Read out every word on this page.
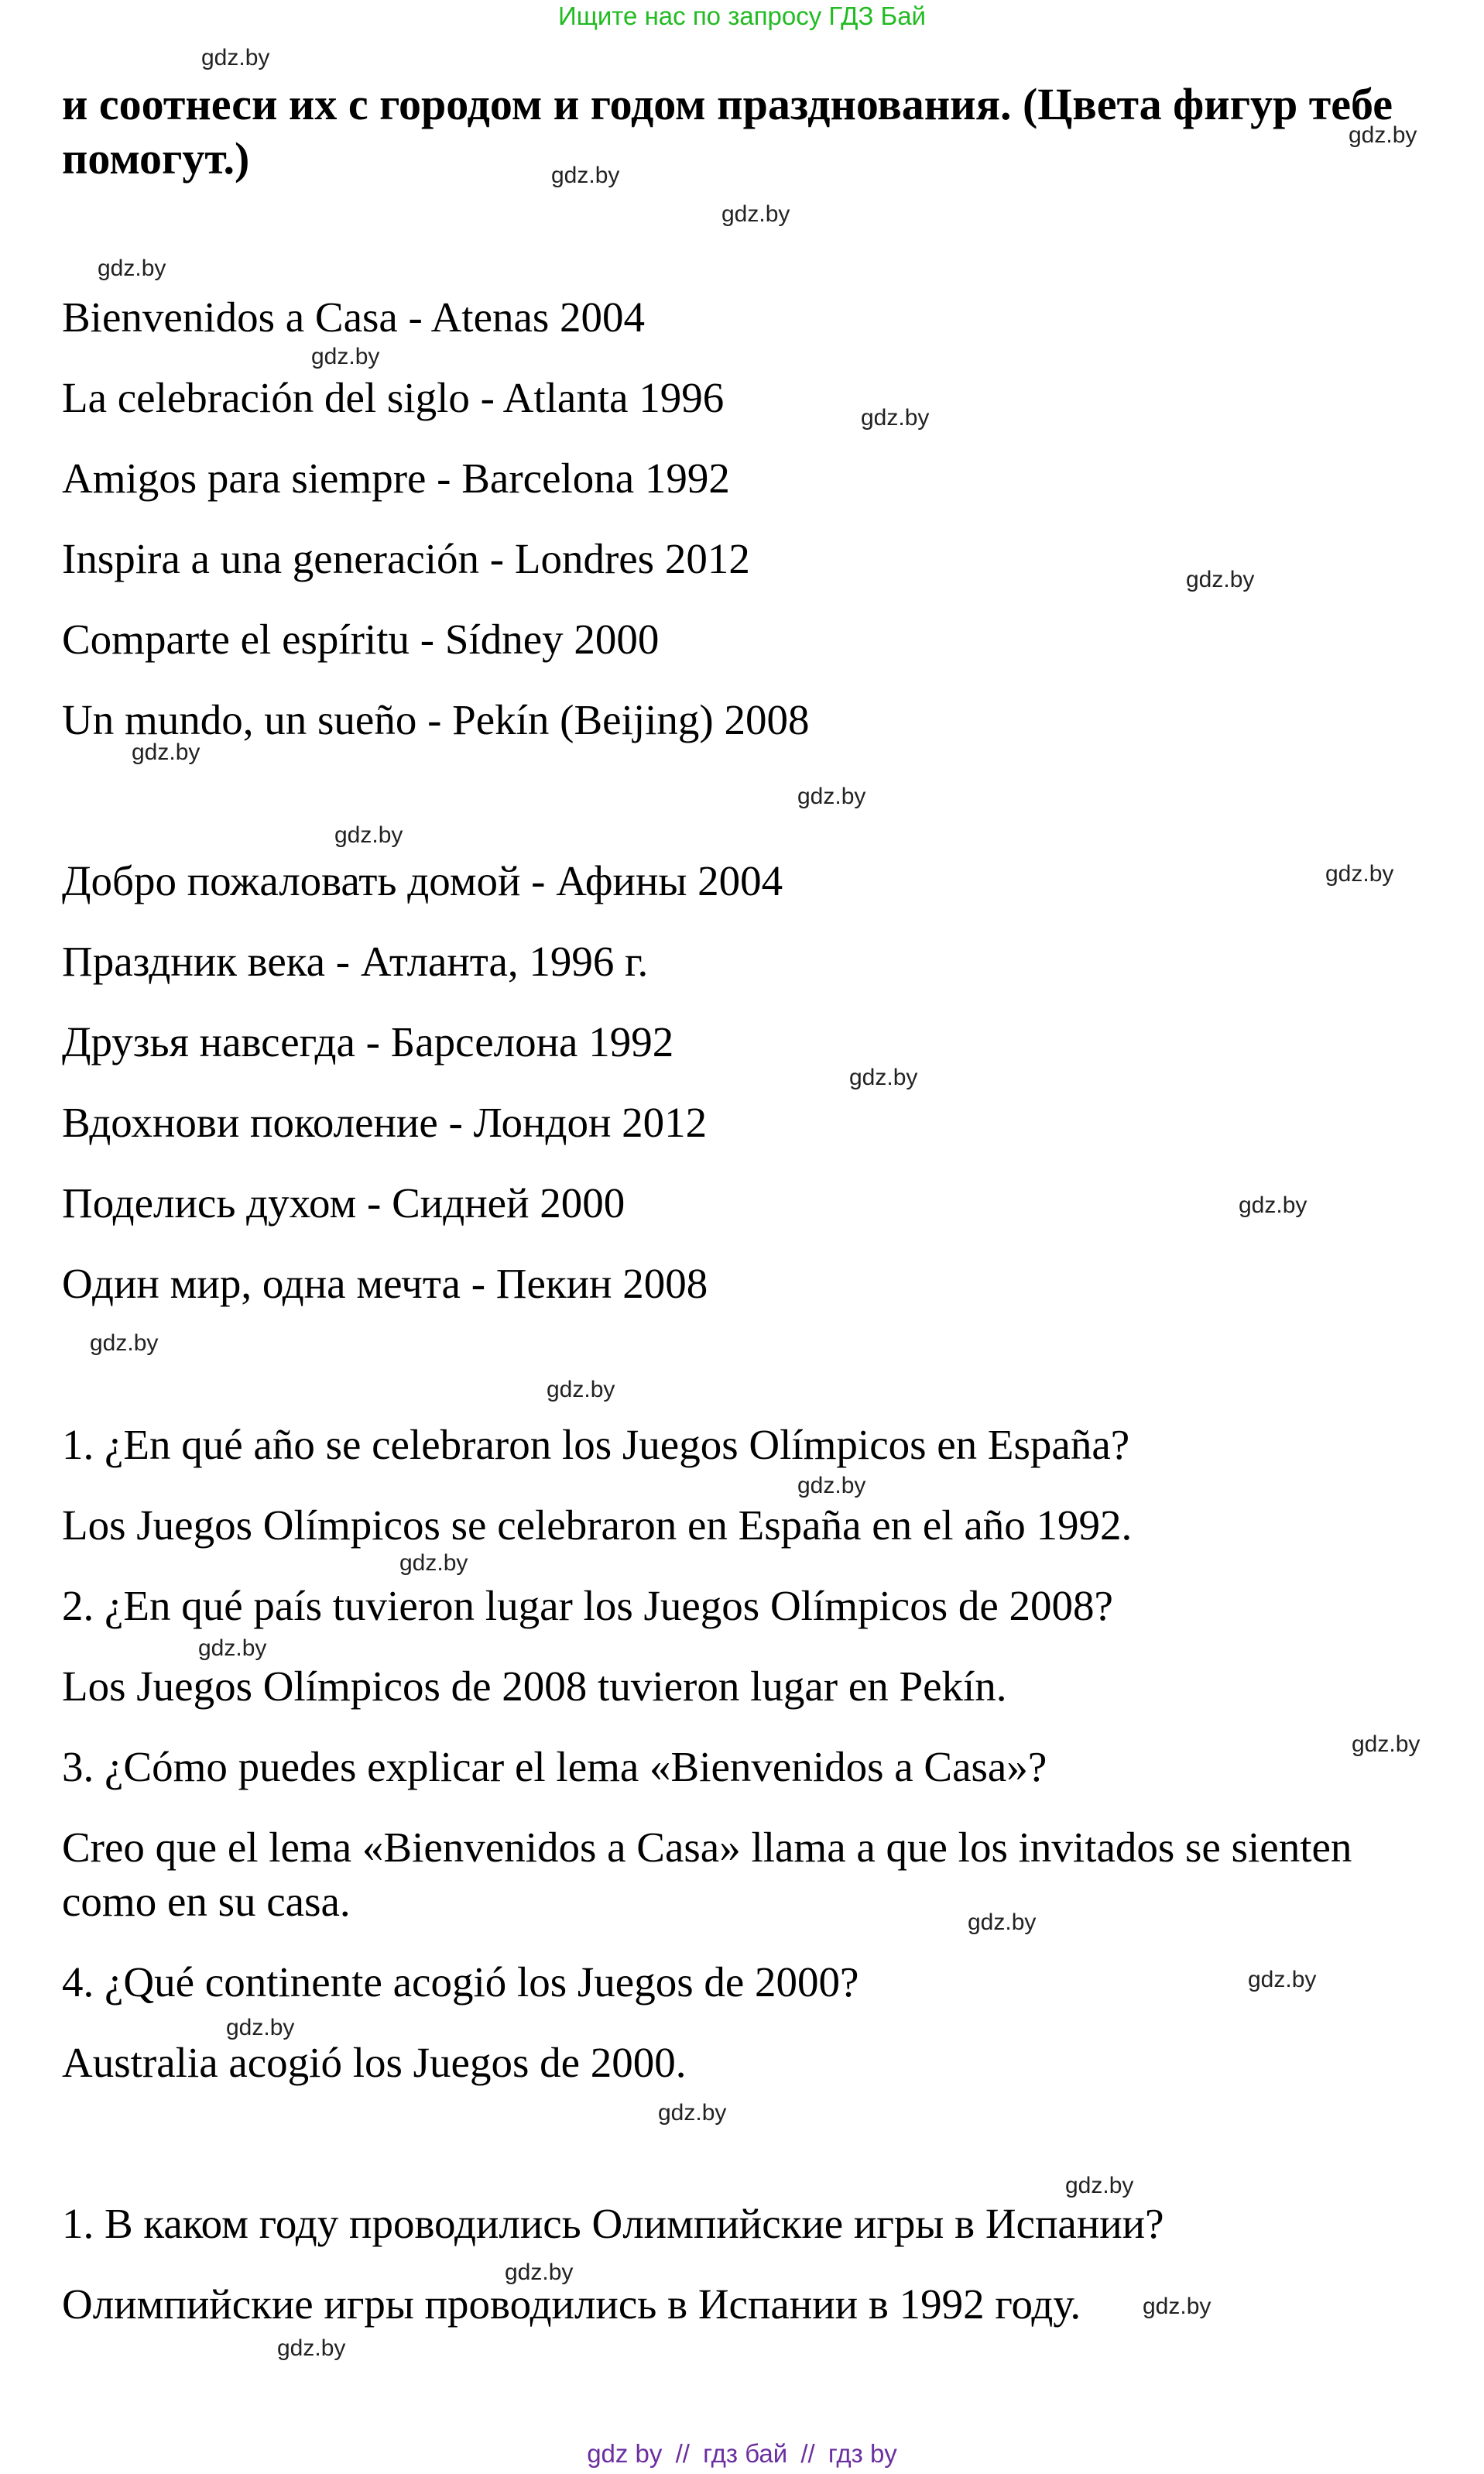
Ищите нас по запросу ГДЗ Бай
и соотнеси их с городом и годом празднования. (Цвета фигур тебе помогут.)
Bienvenidos a Casa - Atenas 2004
La celebración del siglo - Atlanta 1996
Amigos para siempre - Barcelona 1992
Inspira a una generación - Londres 2012
Comparte el espíritu - Sídney 2000
Un mundo, un sueño - Pekín (Beijing) 2008
Добро пожаловать домой - Афины 2004
Праздник века - Атланта, 1996 г.
Друзья навсегда - Барселона 1992
Вдохнови поколение - Лондон 2012
Поделись духом - Сидней 2000
Один мир, одна мечта - Пекин 2008
1. ¿En qué año se celebraron los Juegos Olímpicos en España?
Los Juegos Olímpicos se celebraron en España en el año 1992.
2. ¿En qué país tuvieron lugar los Juegos Olímpicos de 2008?
Los Juegos Olímpicos de 2008 tuvieron lugar en Pekín.
3. ¿Cómo puedes explicar el lema «Bienvenidos a Casa»?
Creo que el lema «Bienvenidos a Casa» llama a que los invitados se sienten como en su casa.
4. ¿Qué continente acogió los Juegos de 2000?
Australia acogió los Juegos de 2000.
1. В каком году проводились Олимпийские игры в Испании?
Олимпийские игры проводились в Испании в 1992 году.
gdz.by
gdz.by
gdz.by
gdz.by
gdz.by
gdz.by
gdz.by
gdz.by
gdz.by
gdz.by
gdz.by
gdz.by
gdz.by
gdz.by
gdz.by
gdz.by
gdz.by
gdz.by
gdz.by
gdz.by
gdz.by
gdz.by
gdz.by
gdz.by
gdz.by
gdz.by
gdz.by
gdz.by
gdz by // гдз бай // гдз by
